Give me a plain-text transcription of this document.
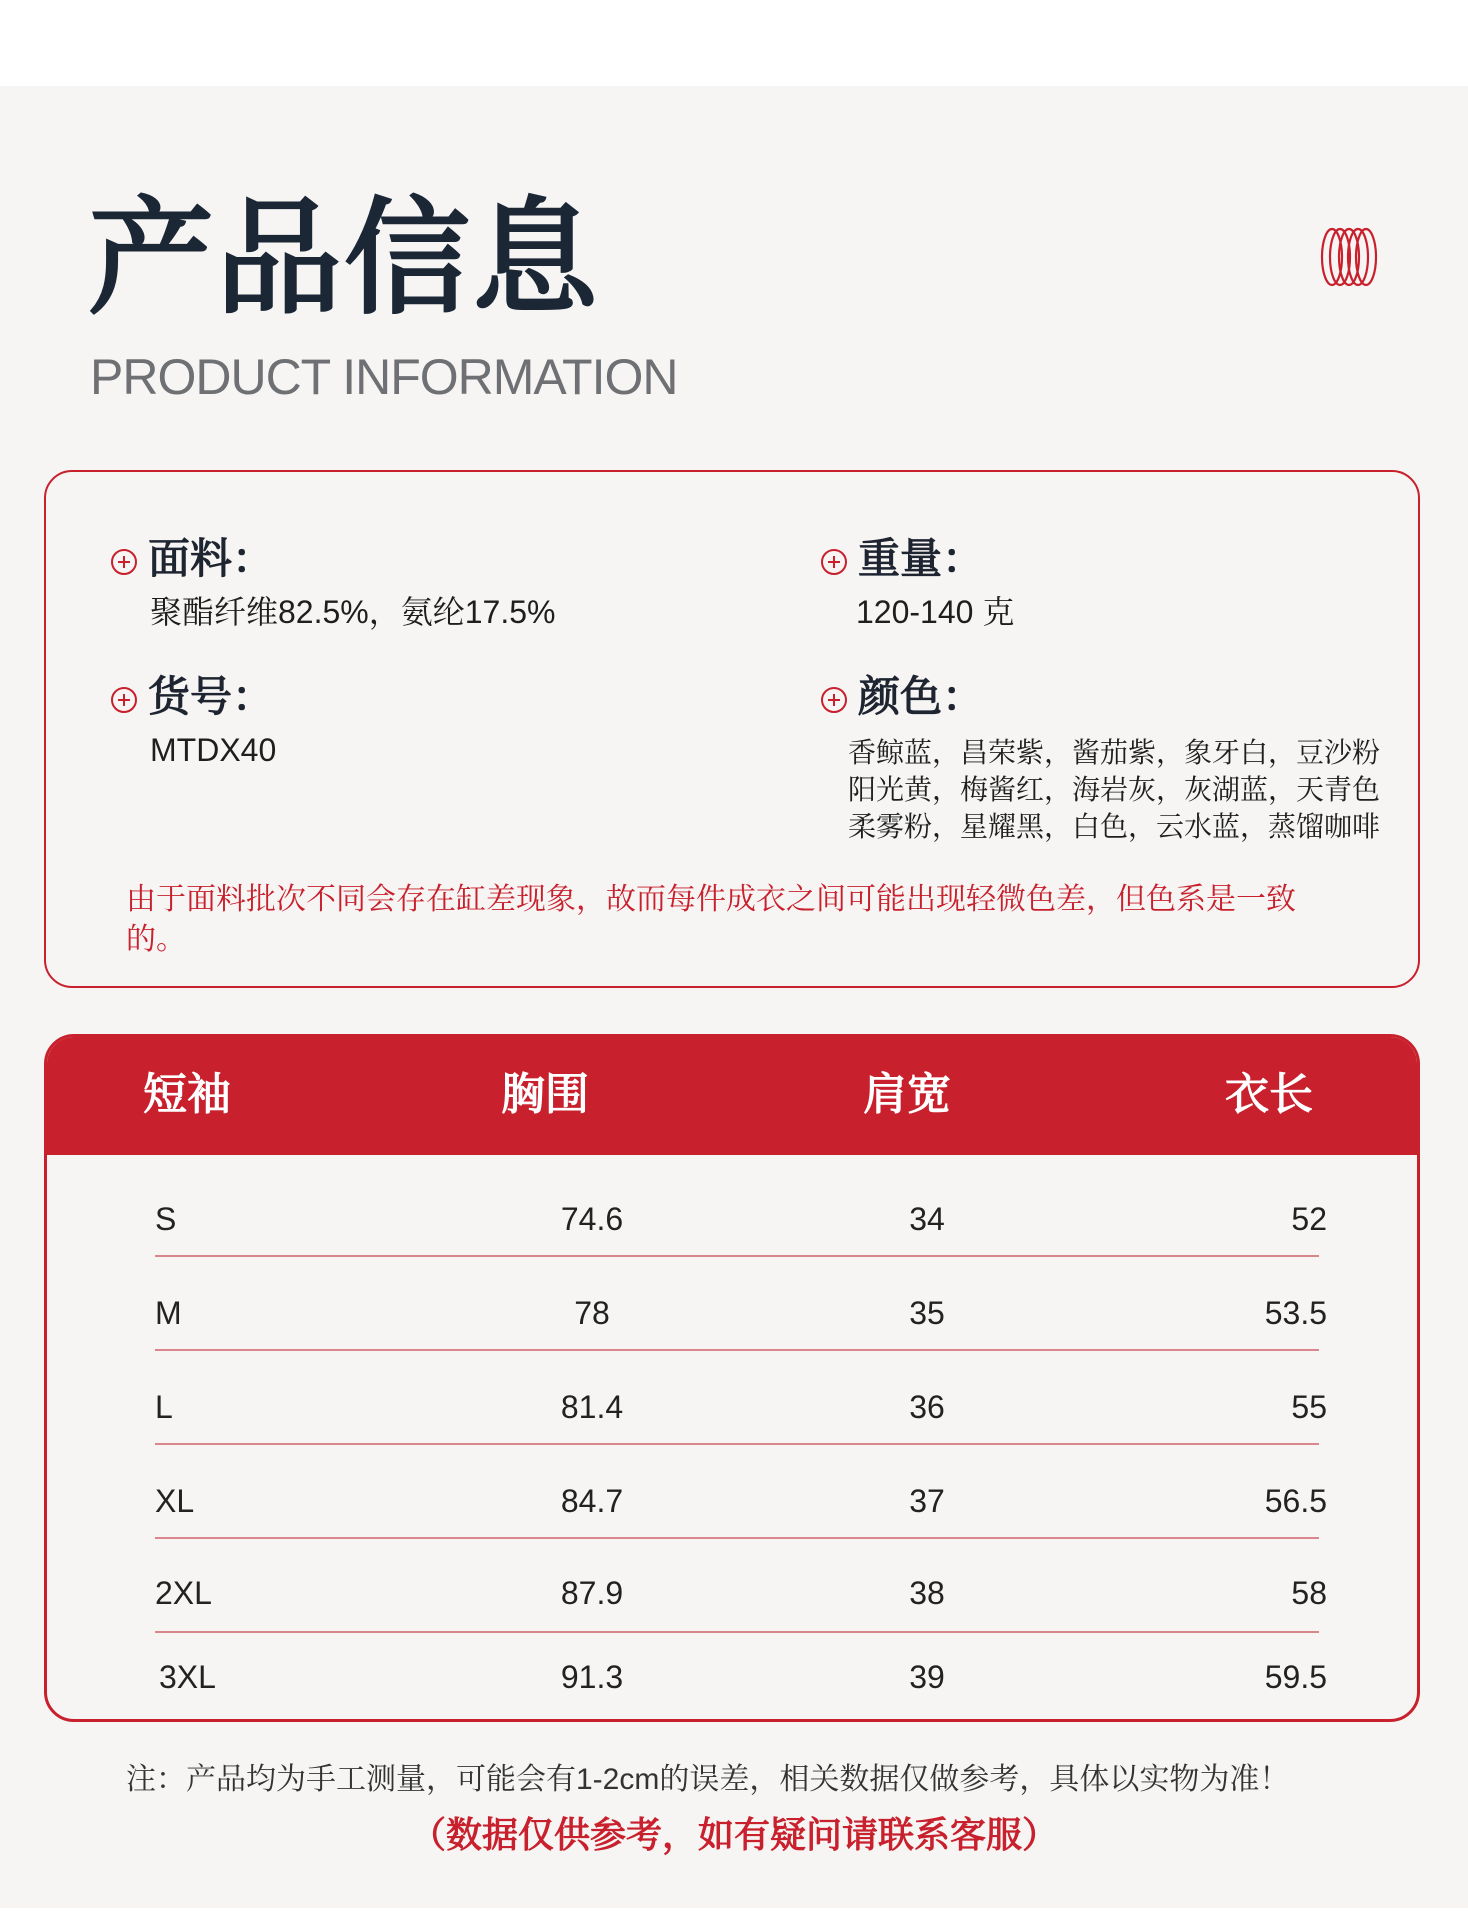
产品信息
PRODUCT INFORMATION
面料：
聚酯纤维82.5%，氨纶17.5%
重量：
120-140 克
货号：
MTDX40
颜色：
香鲸蓝，昌荣紫，酱茄紫，象牙白，豆沙粉
阳光黄，梅酱红，海岩灰，灰湖蓝，天青色
柔雾粉，星耀黑，白色，云水蓝，蒸馏咖啡
由于面料批次不同会存在缸差现象，故而每件成衣之间可能出现轻微色差，但色系是一致的。
短袖	胸围	肩宽	衣长
S	74.6	34	52
M	78	35	53.5
L	81.4	36	55
XL	84.7	37	56.5
2XL	87.9	38	58
3XL	91.3	39	59.5
注：产品均为手工测量，可能会有1-2cm的误差，相关数据仅做参考，具体以实物为准！
（数据仅供参考，如有疑问请联系客服）
